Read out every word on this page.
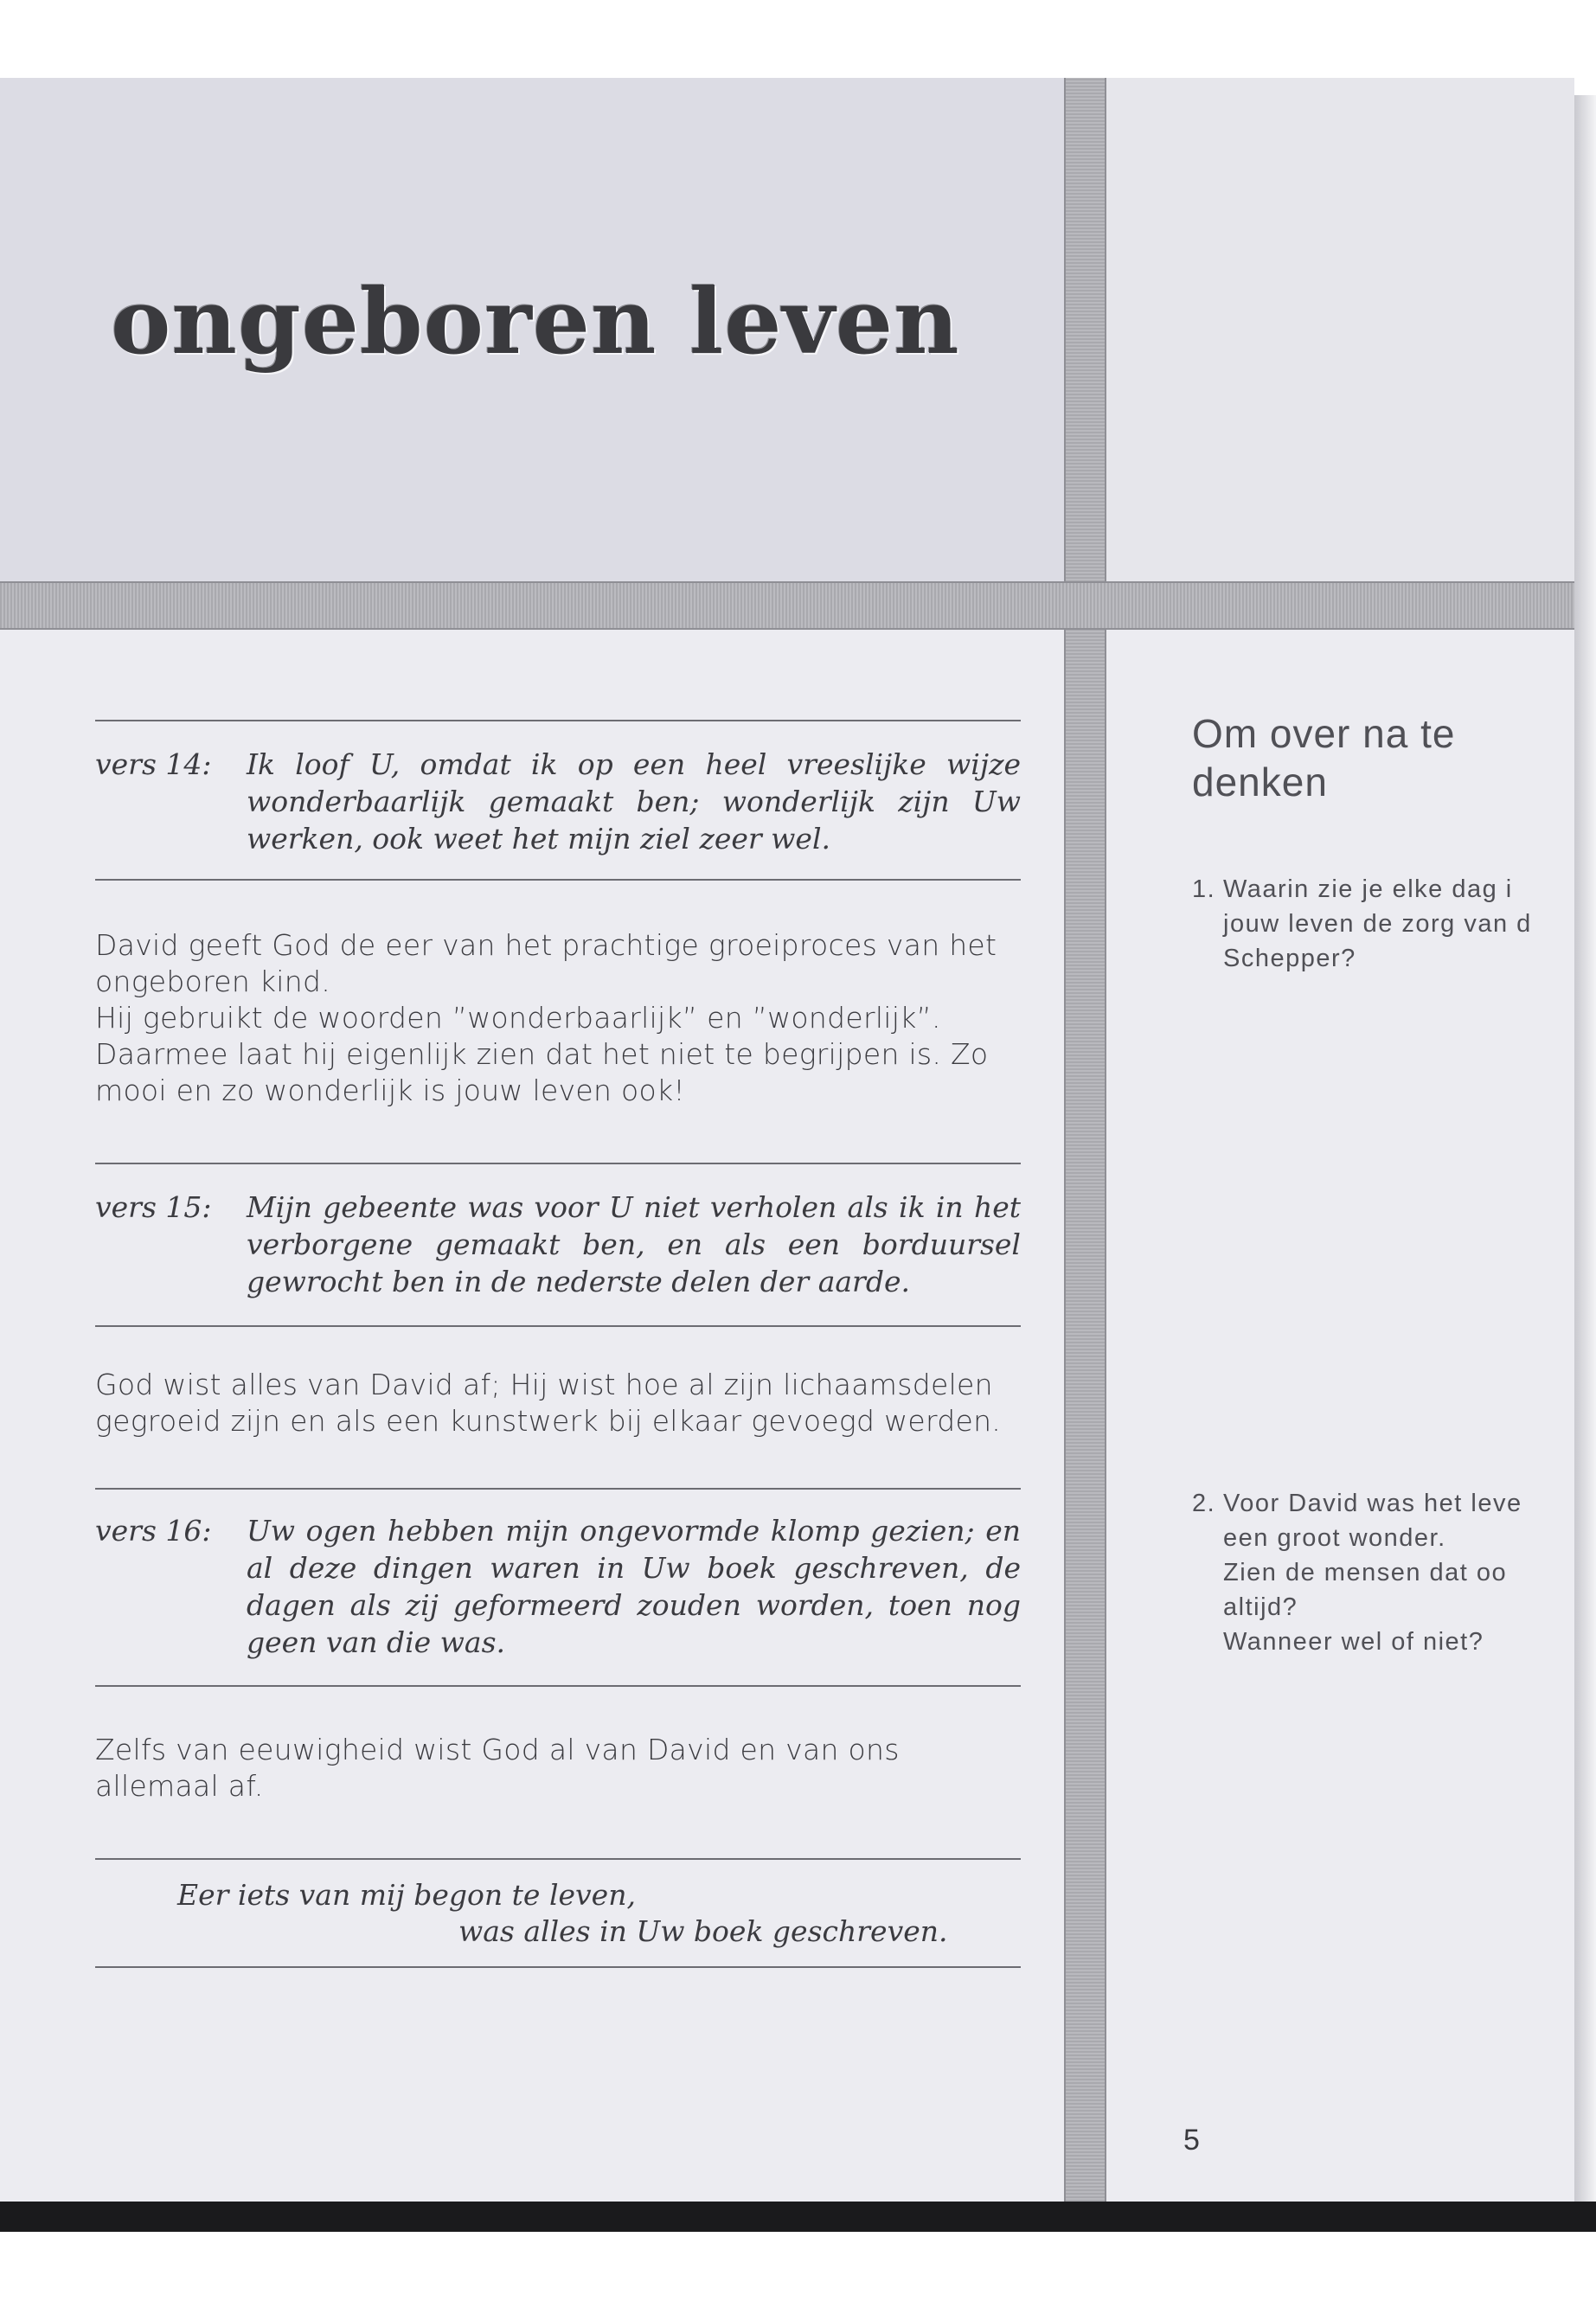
ongeboren leven
vers 14:	Ik loof U, omdat ik op een heel vreeslijke wijze wonderbaarlijk gemaakt ben; wonderlijk zijn Uw werken, ook weet het mijn ziel zeer wel.
David geeft God de eer van het prachtige groeiproces van het ongeboren kind.
Hij gebruikt de woorden ”wonderbaarlijk” en ”wonderlijk”. Daarmee laat hij eigenlijk zien dat het niet te begrijpen is. Zo mooi en zo wonderlijk is jouw leven ook!
vers 15:	Mijn gebeente was voor U niet verholen als ik in het verborgene gemaakt ben, en als een borduursel gewrocht ben in de nederste delen der aarde.
God wist alles van David af; Hij wist hoe al zijn lichaamsdelen gegroeid zijn en als een kunstwerk bij elkaar gevoegd werden.
vers 16:	Uw ogen hebben mijn ongevormde klomp gezien; en al deze dingen waren in Uw boek geschreven, de dagen als zij geformeerd zouden worden, toen nog geen van die was.
Zelfs van eeuwigheid wist God al van David en van ons allemaal af.
Eer iets van mij begon te leven,
was alles in Uw boek geschreven.
Om over na te denken
1. Waarin zie je elke dag i
jouw leven de zorg van d
Schepper?
2. Voor David was het leve
een groot wonder.
Zien de mensen dat oo
altijd?
Wanneer wel of niet?
5
